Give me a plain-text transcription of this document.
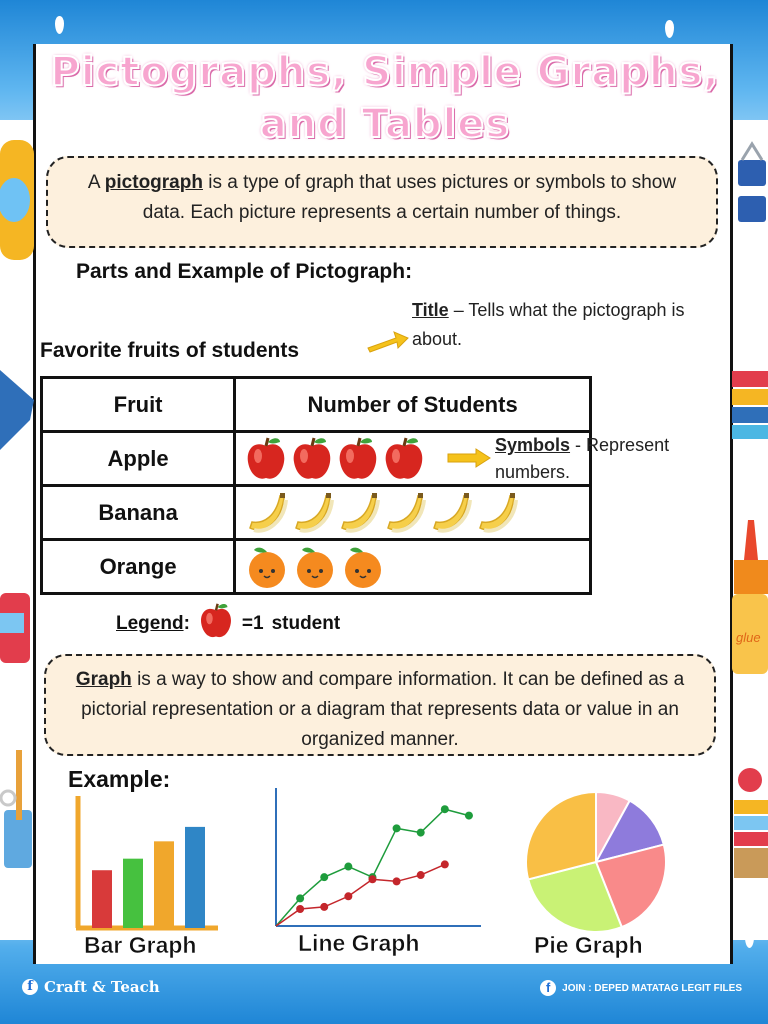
glue
Pictographs, Simple Graphs, and Tables
A pictograph is a type of graph that uses pictures or symbols to show data. Each picture represents a certain number of things.
Parts and Example of Pictograph:
Title – Tells what the pictograph is about.
Favorite fruits of students
Fruit	Number of Students
Apple	

Banana	

Orange	
Symbols - Represent numbers.
Legend:	=1 student
Graph is a way to show and compare information. It can be defined as a pictorial representation or a diagram that represents data or value in an organized manner.
Example:
Bar Graph	Line Graph	Pie Graph
f Craft & Teach	f	JOIN : DEPED MATATAG LEGIT FILES
